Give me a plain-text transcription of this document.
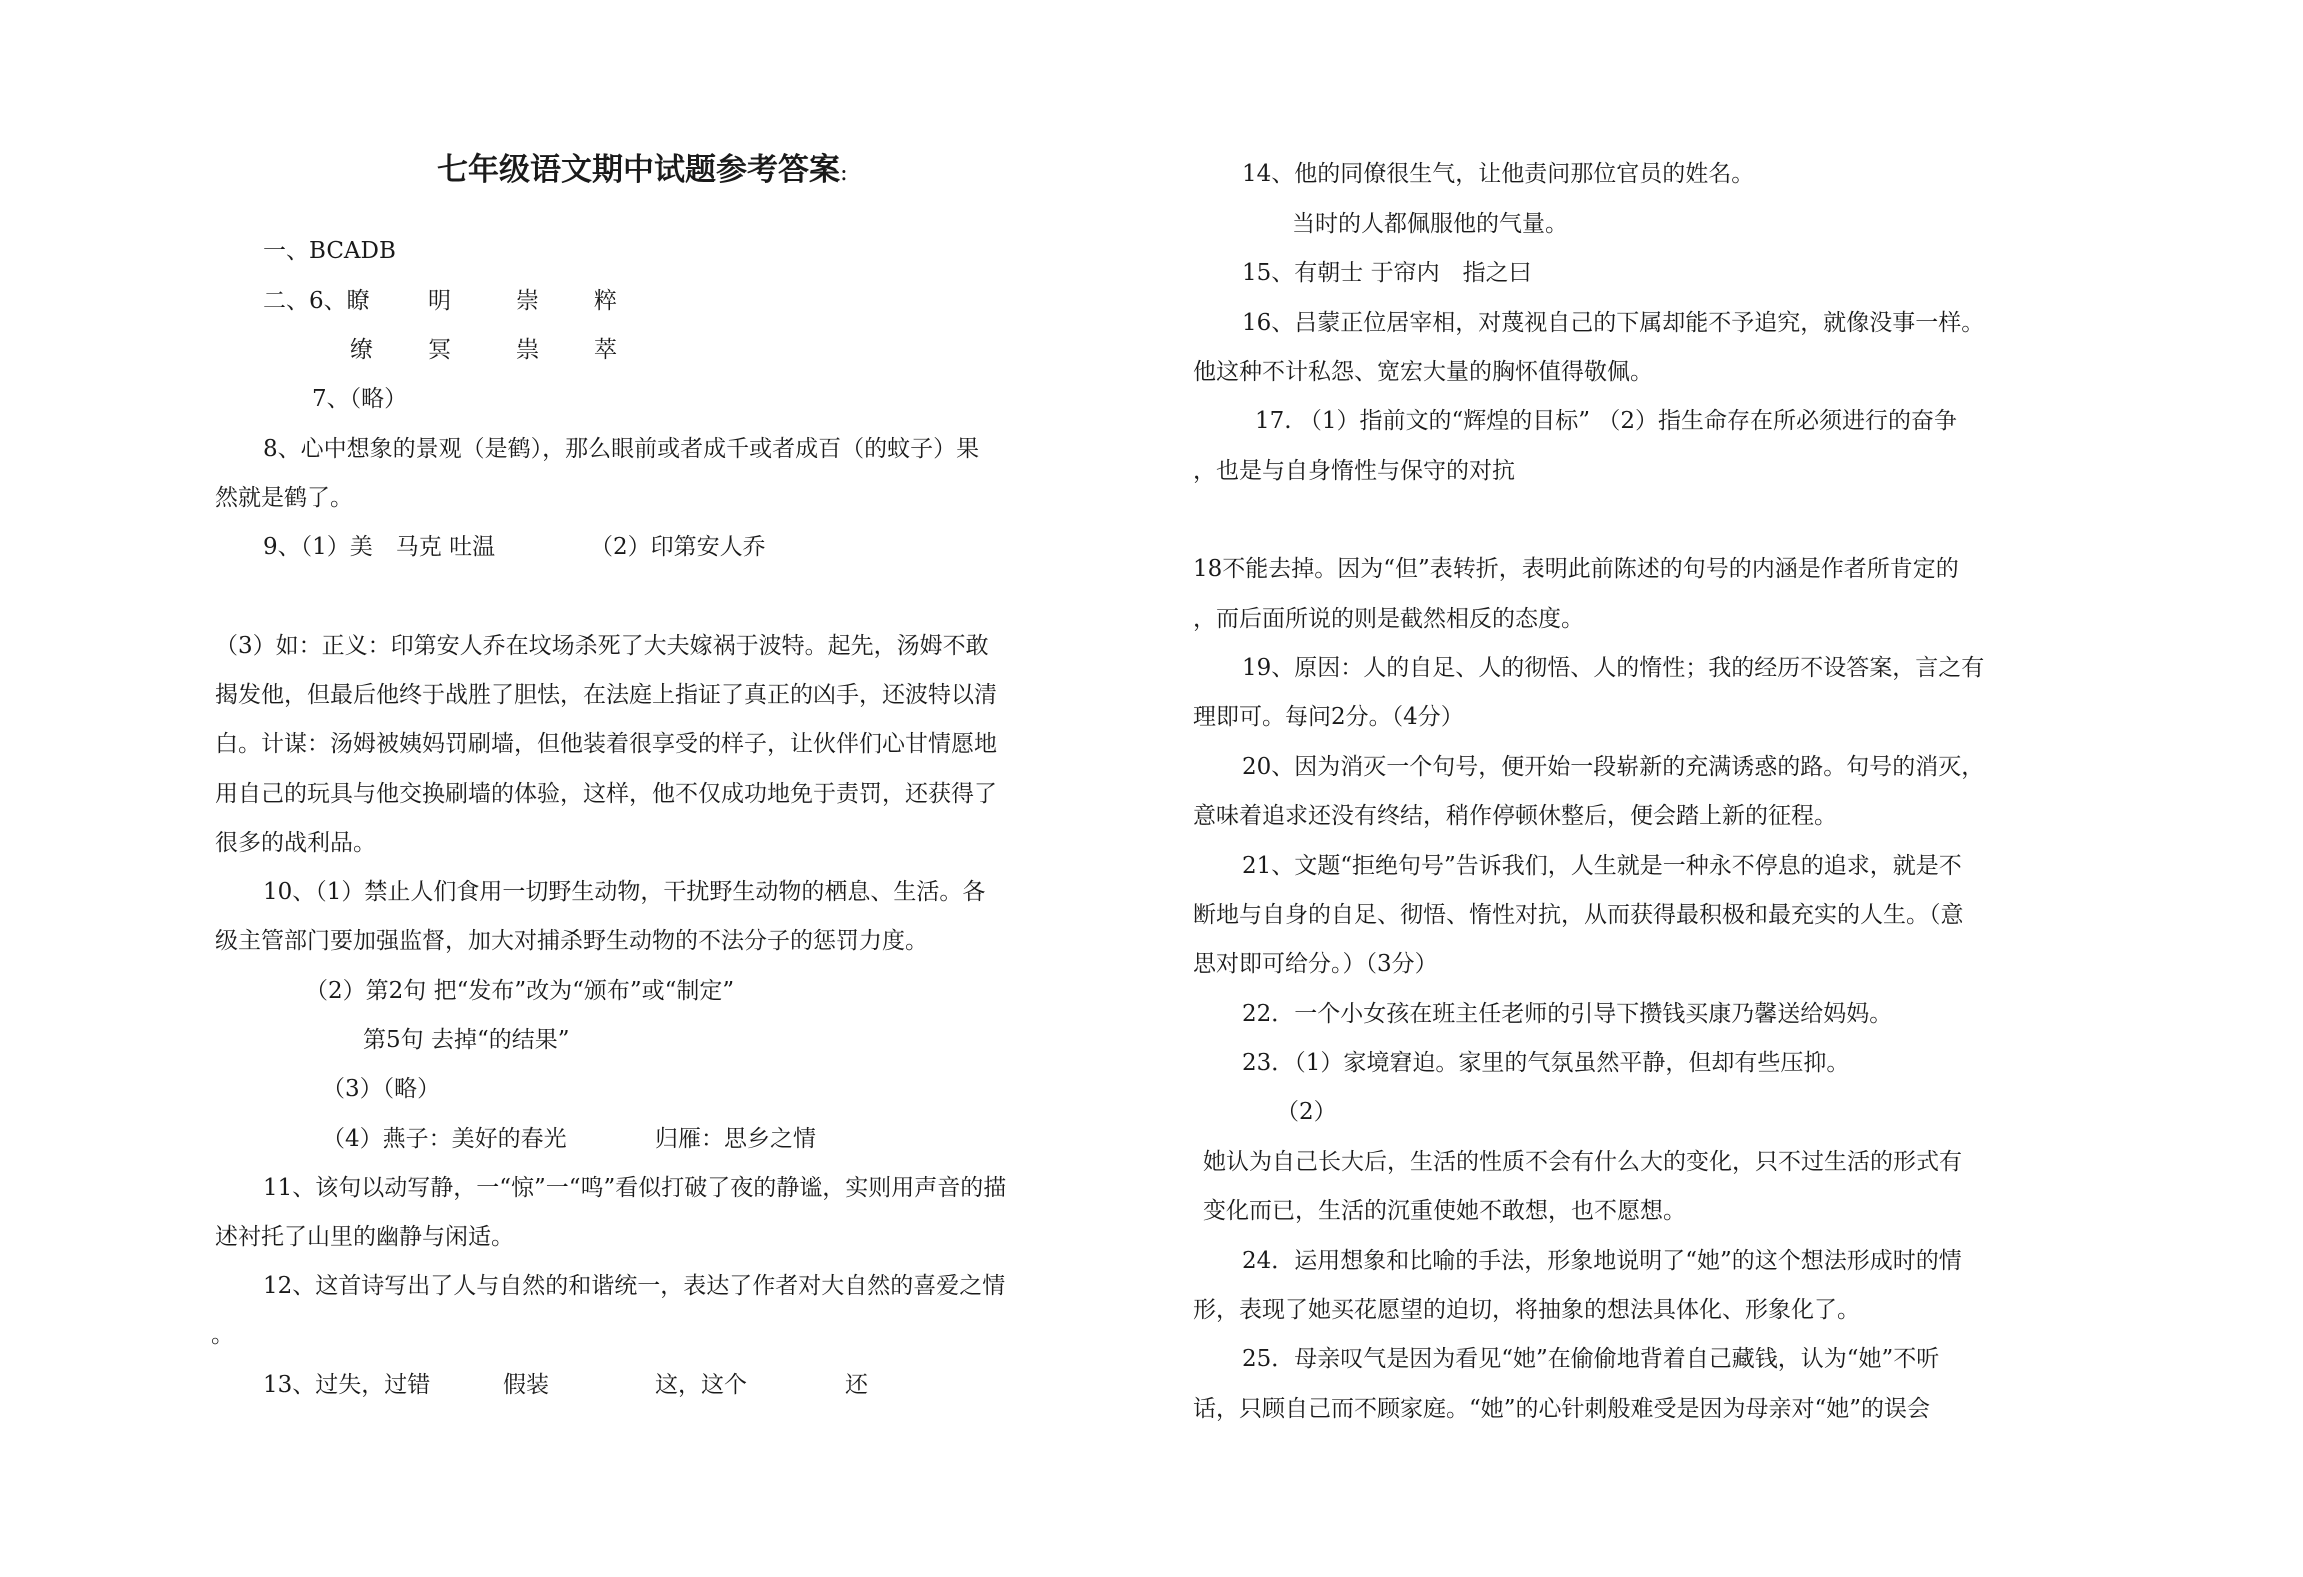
七年级语文期中试题参考答案:
一、BCADB
二、6、瞭	明	崇 粹
缭 冥	祟 萃
7、（略）
8、心中想象的景观（是鹤），那么眼前或者成千或者成百（的蚊子）果
然就是鹤了。
9、（1）美　马克 吐温	（2）印第安人乔
（3）如：正义：印第安人乔在坟场杀死了大夫嫁祸于波特。起先，汤姆不敢
揭发他，但最后他终于战胜了胆怯，在法庭上指证了真正的凶手，还波特以清
白。计谋：汤姆被姨妈罚刷墙，但他装着很享受的样子，让伙伴们心甘情愿地
用自己的玩具与他交换刷墙的体验，这样，他不仅成功地免于责罚，还获得了
很多的战利品。
10、（1）禁止人们食用一切野生动物，干扰野生动物的栖息、生活。各
级主管部门要加强监督，加大对捕杀野生动物的不法分子的惩罚力度。
（2）第2句 把“发布”改为“颁布”或“制定”
第5句 去掉“的结果”
（3）（略）
（4）燕子：美好的春光	归雁：思乡之情
11、该句以动写静，一“惊”一“鸣”看似打破了夜的静谧，实则用声音的描
述衬托了山里的幽静与闲适。
12、这首诗写出了人与自然的和谐统一，表达了作者对大自然的喜爱之情
。
13、过失，过错	假装	这，这个	还
14、他的同僚很生气，让他责问那位官员的姓名。
当时的人都佩服他的气量。
15、有朝士 于帘内　指之曰
16、吕蒙正位居宰相，对蔑视自己的下属却能不予追究，就像没事一样。
他这种不计私怨、宽宏大量的胸怀值得敬佩。
17. （1）指前文的“辉煌的目标” （2）指生命存在所必须进行的奋争
，也是与自身惰性与保守的对抗
18不能去掉。因为“但”表转折，表明此前陈述的句号的内涵是作者所肯定的
，而后面所说的则是截然相反的态度。
19、原因：人的自足、人的彻悟、人的惰性；我的经历不设答案，言之有
理即可。每问2分。（4分）
20、因为消灭一个句号，便开始一段崭新的充满诱惑的路。句号的消灭，
意味着追求还没有终结，稍作停顿休整后，便会踏上新的征程。
21、文题“拒绝句号”告诉我们，人生就是一种永不停息的追求，就是不
断地与自身的自足、彻悟、惰性对抗，从而获得最积极和最充实的人生。（意
思对即可给分。）（3分）
22．一个小女孩在班主任老师的引导下攒钱买康乃馨送给妈妈。
23．（1）家境窘迫。家里的气氛虽然平静，但却有些压抑。
（2）
她认为自己长大后，生活的性质不会有什么大的变化，只不过生活的形式有
变化而已，生活的沉重使她不敢想，也不愿想。
24．运用想象和比喻的手法，形象地说明了“她”的这个想法形成时的情
形，表现了她买花愿望的迫切，将抽象的想法具体化、形象化了。
25．母亲叹气是因为看见“她”在偷偷地背着自己藏钱，认为“她”不听
话，只顾自己而不顾家庭。“她”的心针刺般难受是因为母亲对“她”的误会
